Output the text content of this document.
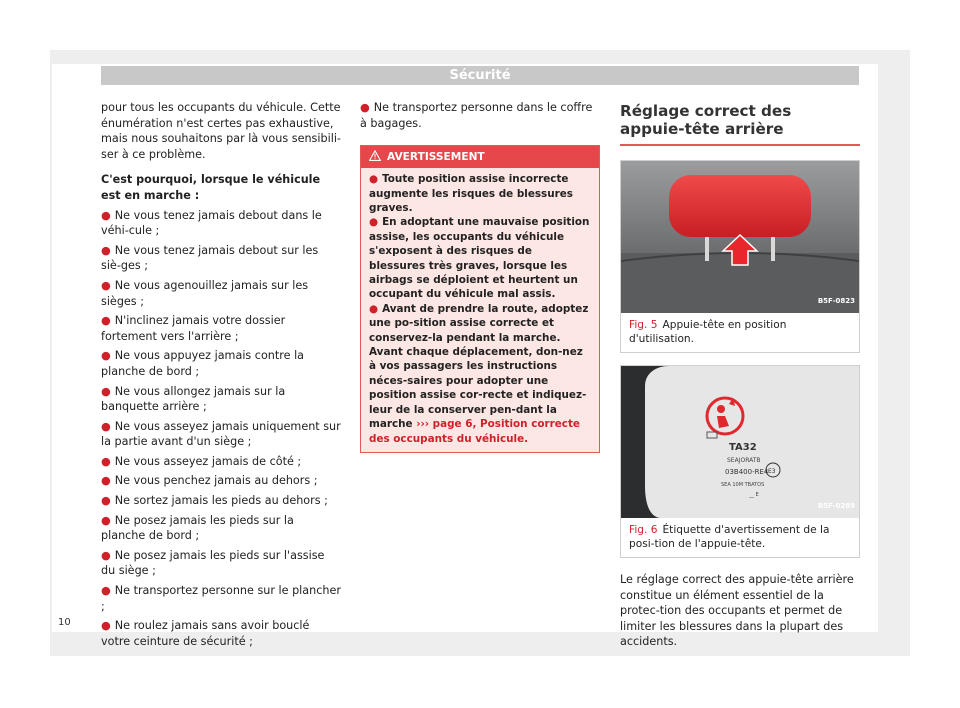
Sécurité

pour tous les occupants du véhicule. Cette énumération n'est certes pas exhaustive, mais nous souhaitons par là vous sensibili-ser à ce problème.

C'est pourquoi, lorsque le véhicule est en marche :

● Ne vous tenez jamais debout dans le véhi-cule ;

● Ne vous tenez jamais debout sur les siè-ges ;

● Ne vous agenouillez jamais sur les sièges ;

● N'inclinez jamais votre dossier fortement vers l'arrière ;

● Ne vous appuyez jamais contre la planche de bord ;

● Ne vous allongez jamais sur la banquette arrière ;

● Ne vous asseyez jamais uniquement sur la partie avant d'un siège ;

● Ne vous asseyez jamais de côté ;

● Ne vous penchez jamais au dehors ;

● Ne sortez jamais les pieds au dehors ;

● Ne posez jamais les pieds sur la planche de bord ;

● Ne posez jamais les pieds sur l'assise du siège ;

● Ne transportez personne sur le plancher ;

● Ne roulez jamais sans avoir bouclé votre ceinture de sécurité ;

● Ne transportez personne dans le coffre à bagages.

AVERTISSEMENT

● Toute position assise incorrecte augmente les risques de blessures graves.

● En adoptant une mauvaise position assise, les occupants du véhicule s'exposent à des risques de blessures très graves, lorsque les airbags se déploient et heurtent un occupant du véhicule mal assis.

● Avant de prendre la route, adoptez une po-sition assise correcte et conservez-la pendant la marche. Avant chaque déplacement, don-nez à vos passagers les instructions néces-saires pour adopter une position assise cor-recte et indiquez-leur de la conserver pen-dant la marche ››› page 6, Position correcte des occupants du véhicule.

Réglage correct des appuie-tête arrière
B5F-0823
Fig. 5 Appuie-tête en position d'utilisation.
TA32
SEAJORATB
03B400-RE4 E3
SEA 10M TBATOS
__ E
B5F-0289
Fig. 6 Étiquette d'avertissement de la posi-tion de l'appuie-tête.

Le réglage correct des appuie-tête arrière constitue un élément essentiel de la protec-tion des occupants et permet de limiter les blessures dans la plupart des accidents.

10
